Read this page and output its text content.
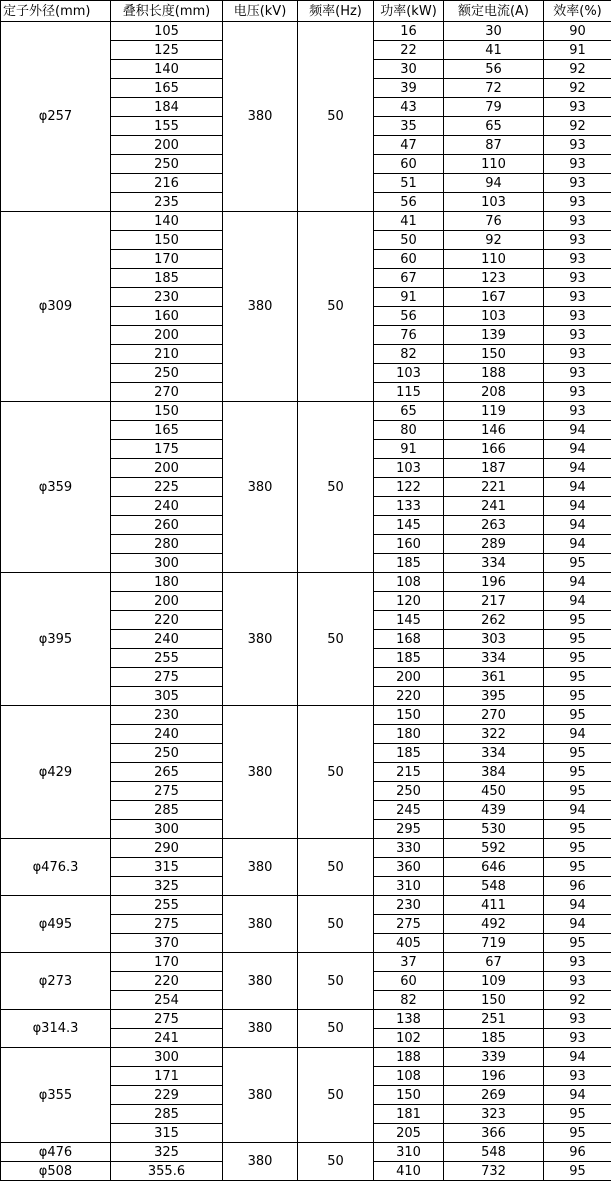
定子外径(mm)	叠积长度(mm)	电压(kV)	频率(Hz)	功率(kW)	额定电流(A)	效率(%)
φ257	105	380	50	16	30	90
	125			22	41	91
	140			30	56	92
	165			39	72	92
	184			43	79	93
	155			35	65	92
	200			47	87	93
	250			60	110	93
	216			51	94	93
	235			56	103	93
φ309	140	380	50	41	76	93
	150			50	92	93
	170			60	110	93
	185			67	123	93
	230			91	167	93
	160			56	103	93
	200			76	139	93
	210			82	150	93
	250			103	188	93
	270			115	208	93
φ359	150	380	50	65	119	93
	165			80	146	94
	175			91	166	94
	200			103	187	94
	225			122	221	94
	240			133	241	94
	260			145	263	94
	280			160	289	94
	300			185	334	95
φ395	180	380	50	108	196	94
	200			120	217	94
	220			145	262	95
	240			168	303	95
	255			185	334	95
	275			200	361	95
	305			220	395	95
φ429	230	380	50	150	270	95
	240			180	322	94
	250			185	334	95
	265			215	384	95
	275			250	450	95
	285			245	439	94
	300			295	530	95
φ476.3	290	380	50	330	592	95
	315			360	646	95
	325			310	548	96
φ495	255	380	50	230	411	94
	275			275	492	94
	370			405	719	95
φ273	170	380	50	37	67	93
	220			60	109	93
	254			82	150	92
φ314.3	275	380	50	138	251	93
	241			102	185	93
φ355	300	380	50	188	339	94
	171			108	196	93
	229			150	269	94
	285			181	323	95
	315			205	366	95
φ476	325	380	50	310	548	96
φ508	355.6			410	732	95
